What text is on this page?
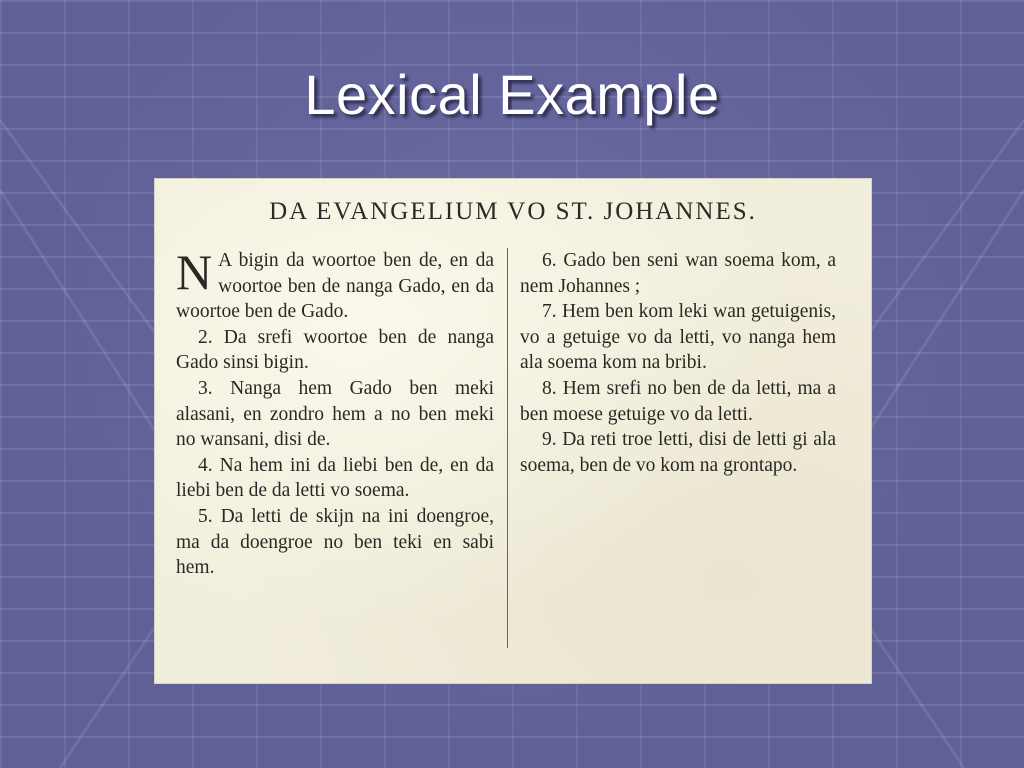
Lexical Example
DA EVANGELIUM VO ST. JOHANNES.

N A bigin da woortoe ben de, en da woortoe ben de nanga Gado, en da woortoe ben de Gado.

2. Da srefi woortoe ben de nanga Gado sinsi bigin.

3. Nanga hem Gado ben meki alasani, en zondro hem a no ben meki no wansani, disi de.

4. Na hem ini da liebi ben de, en da liebi ben de da letti vo soema.

5. Da letti de skijn na ini doengroe, ma da doengroe no ben teki en sabi hem.

6. Gado ben seni wan soema kom, a nem Johannes ;

7. Hem ben kom leki wan getuigenis, vo a getuige vo da letti, vo nanga hem ala soema kom na bribi.

8. Hem srefi no ben de da letti, ma a ben moese getuige vo da letti.

9. Da reti troe letti, disi de letti gi ala soema, ben de vo kom na grontapo.
